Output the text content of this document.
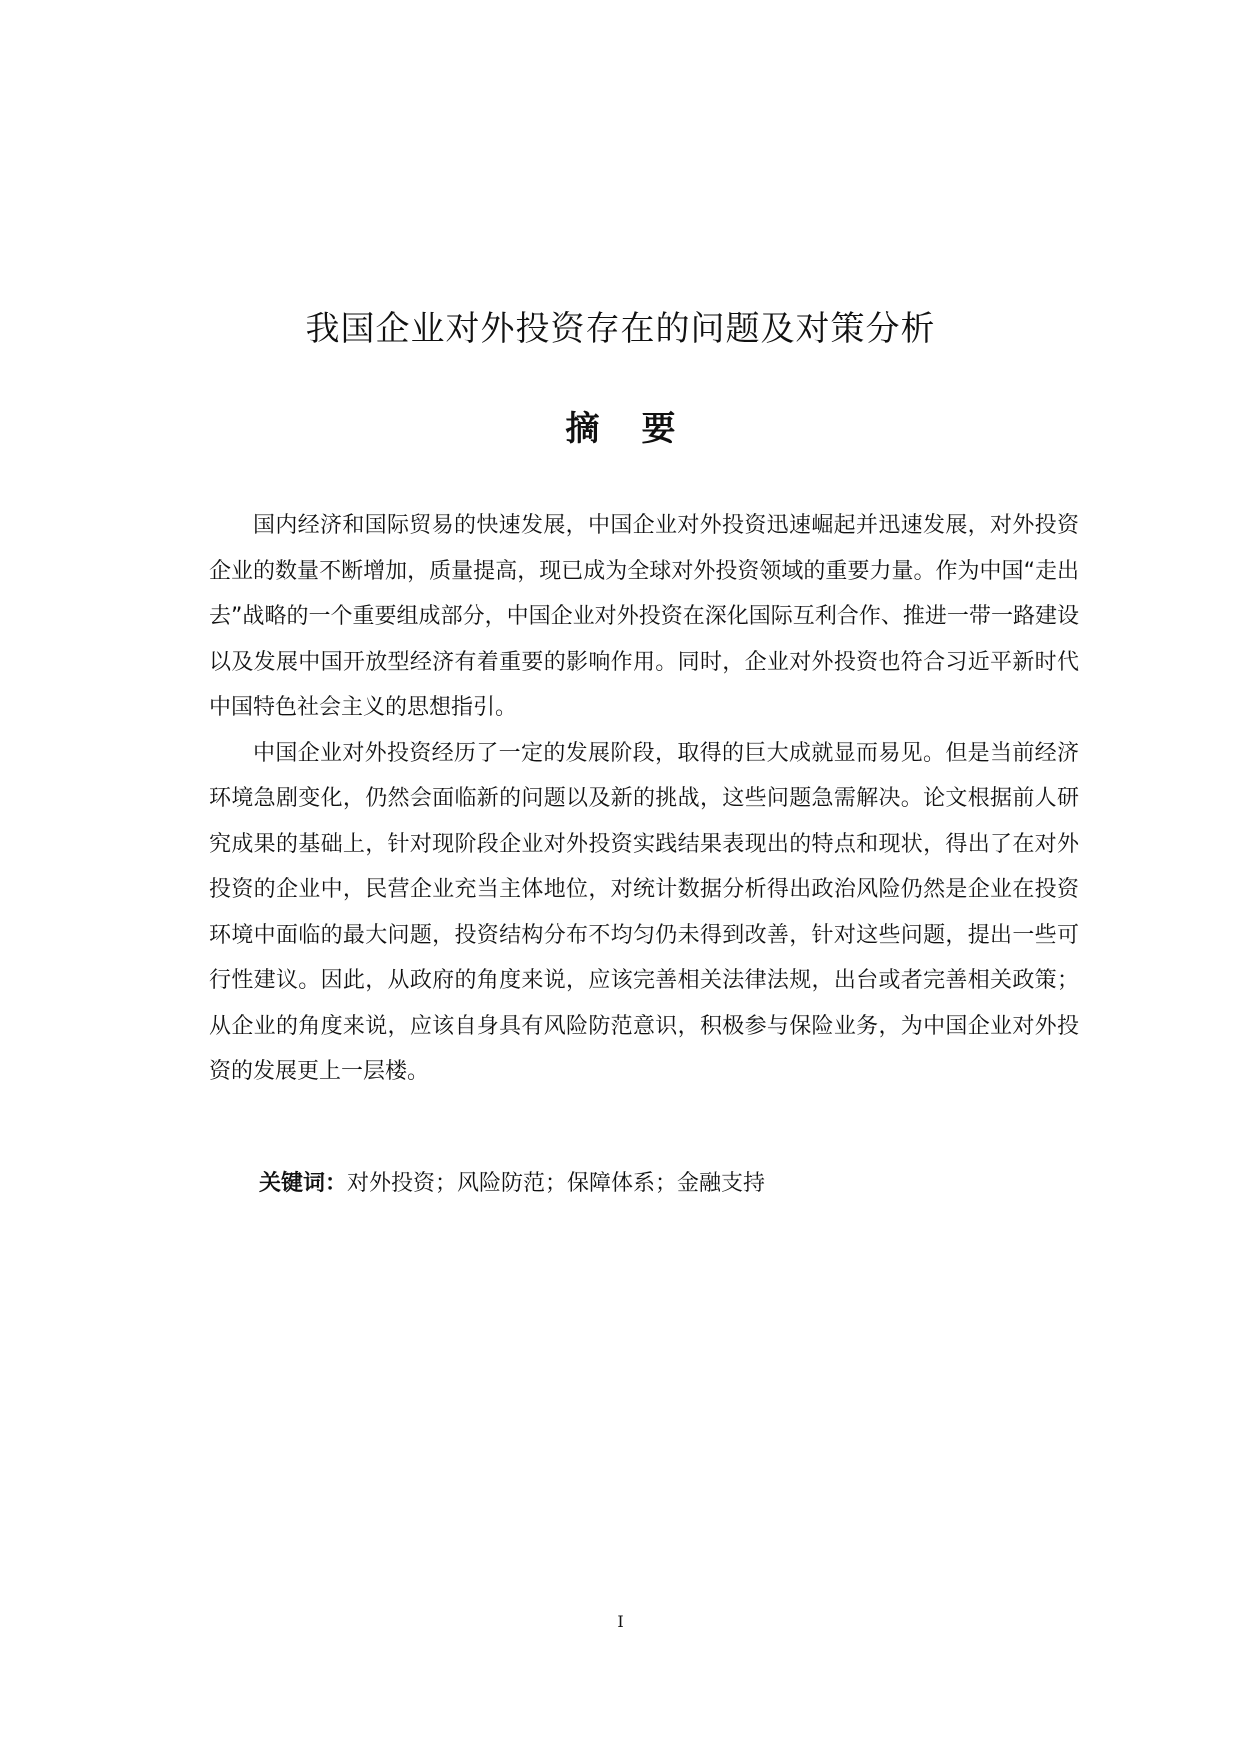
我国企业对外投资存在的问题及对策分析
摘要

国内经济和国际贸易的快速发展，中国企业对外投资迅速崛起并迅速发展，对外投资企业的数量不断增加，质量提高，现已成为全球对外投资领域的重要力量。作为中国“走出去”战略的一个重要组成部分，中国企业对外投资在深化国际互利合作、推进一带一路建设以及发展中国开放型经济有着重要的影响作用。同时，企业对外投资也符合习近平新时代中国特色社会主义的思想指引。

中国企业对外投资经历了一定的发展阶段，取得的巨大成就显而易见。但是当前经济环境急剧变化，仍然会面临新的问题以及新的挑战，这些问题急需解决。论文根据前人研究成果的基础上，针对现阶段企业对外投资实践结果表现出的特点和现状，得出了在对外投资的企业中，民营企业充当主体地位，对统计数据分析得出政治风险仍然是企业在投资环境中面临的最大问题，投资结构分布不均匀仍未得到改善，针对这些问题，提出一些可行性建议。因此，从政府的角度来说，应该完善相关法律法规，出台或者完善相关政策；从企业的角度来说，应该自身具有风险防范意识，积极参与保险业务，为中国企业对外投资的发展更上一层楼。

关键词：对外投资；风险防范；保障体系；金融支持
I
